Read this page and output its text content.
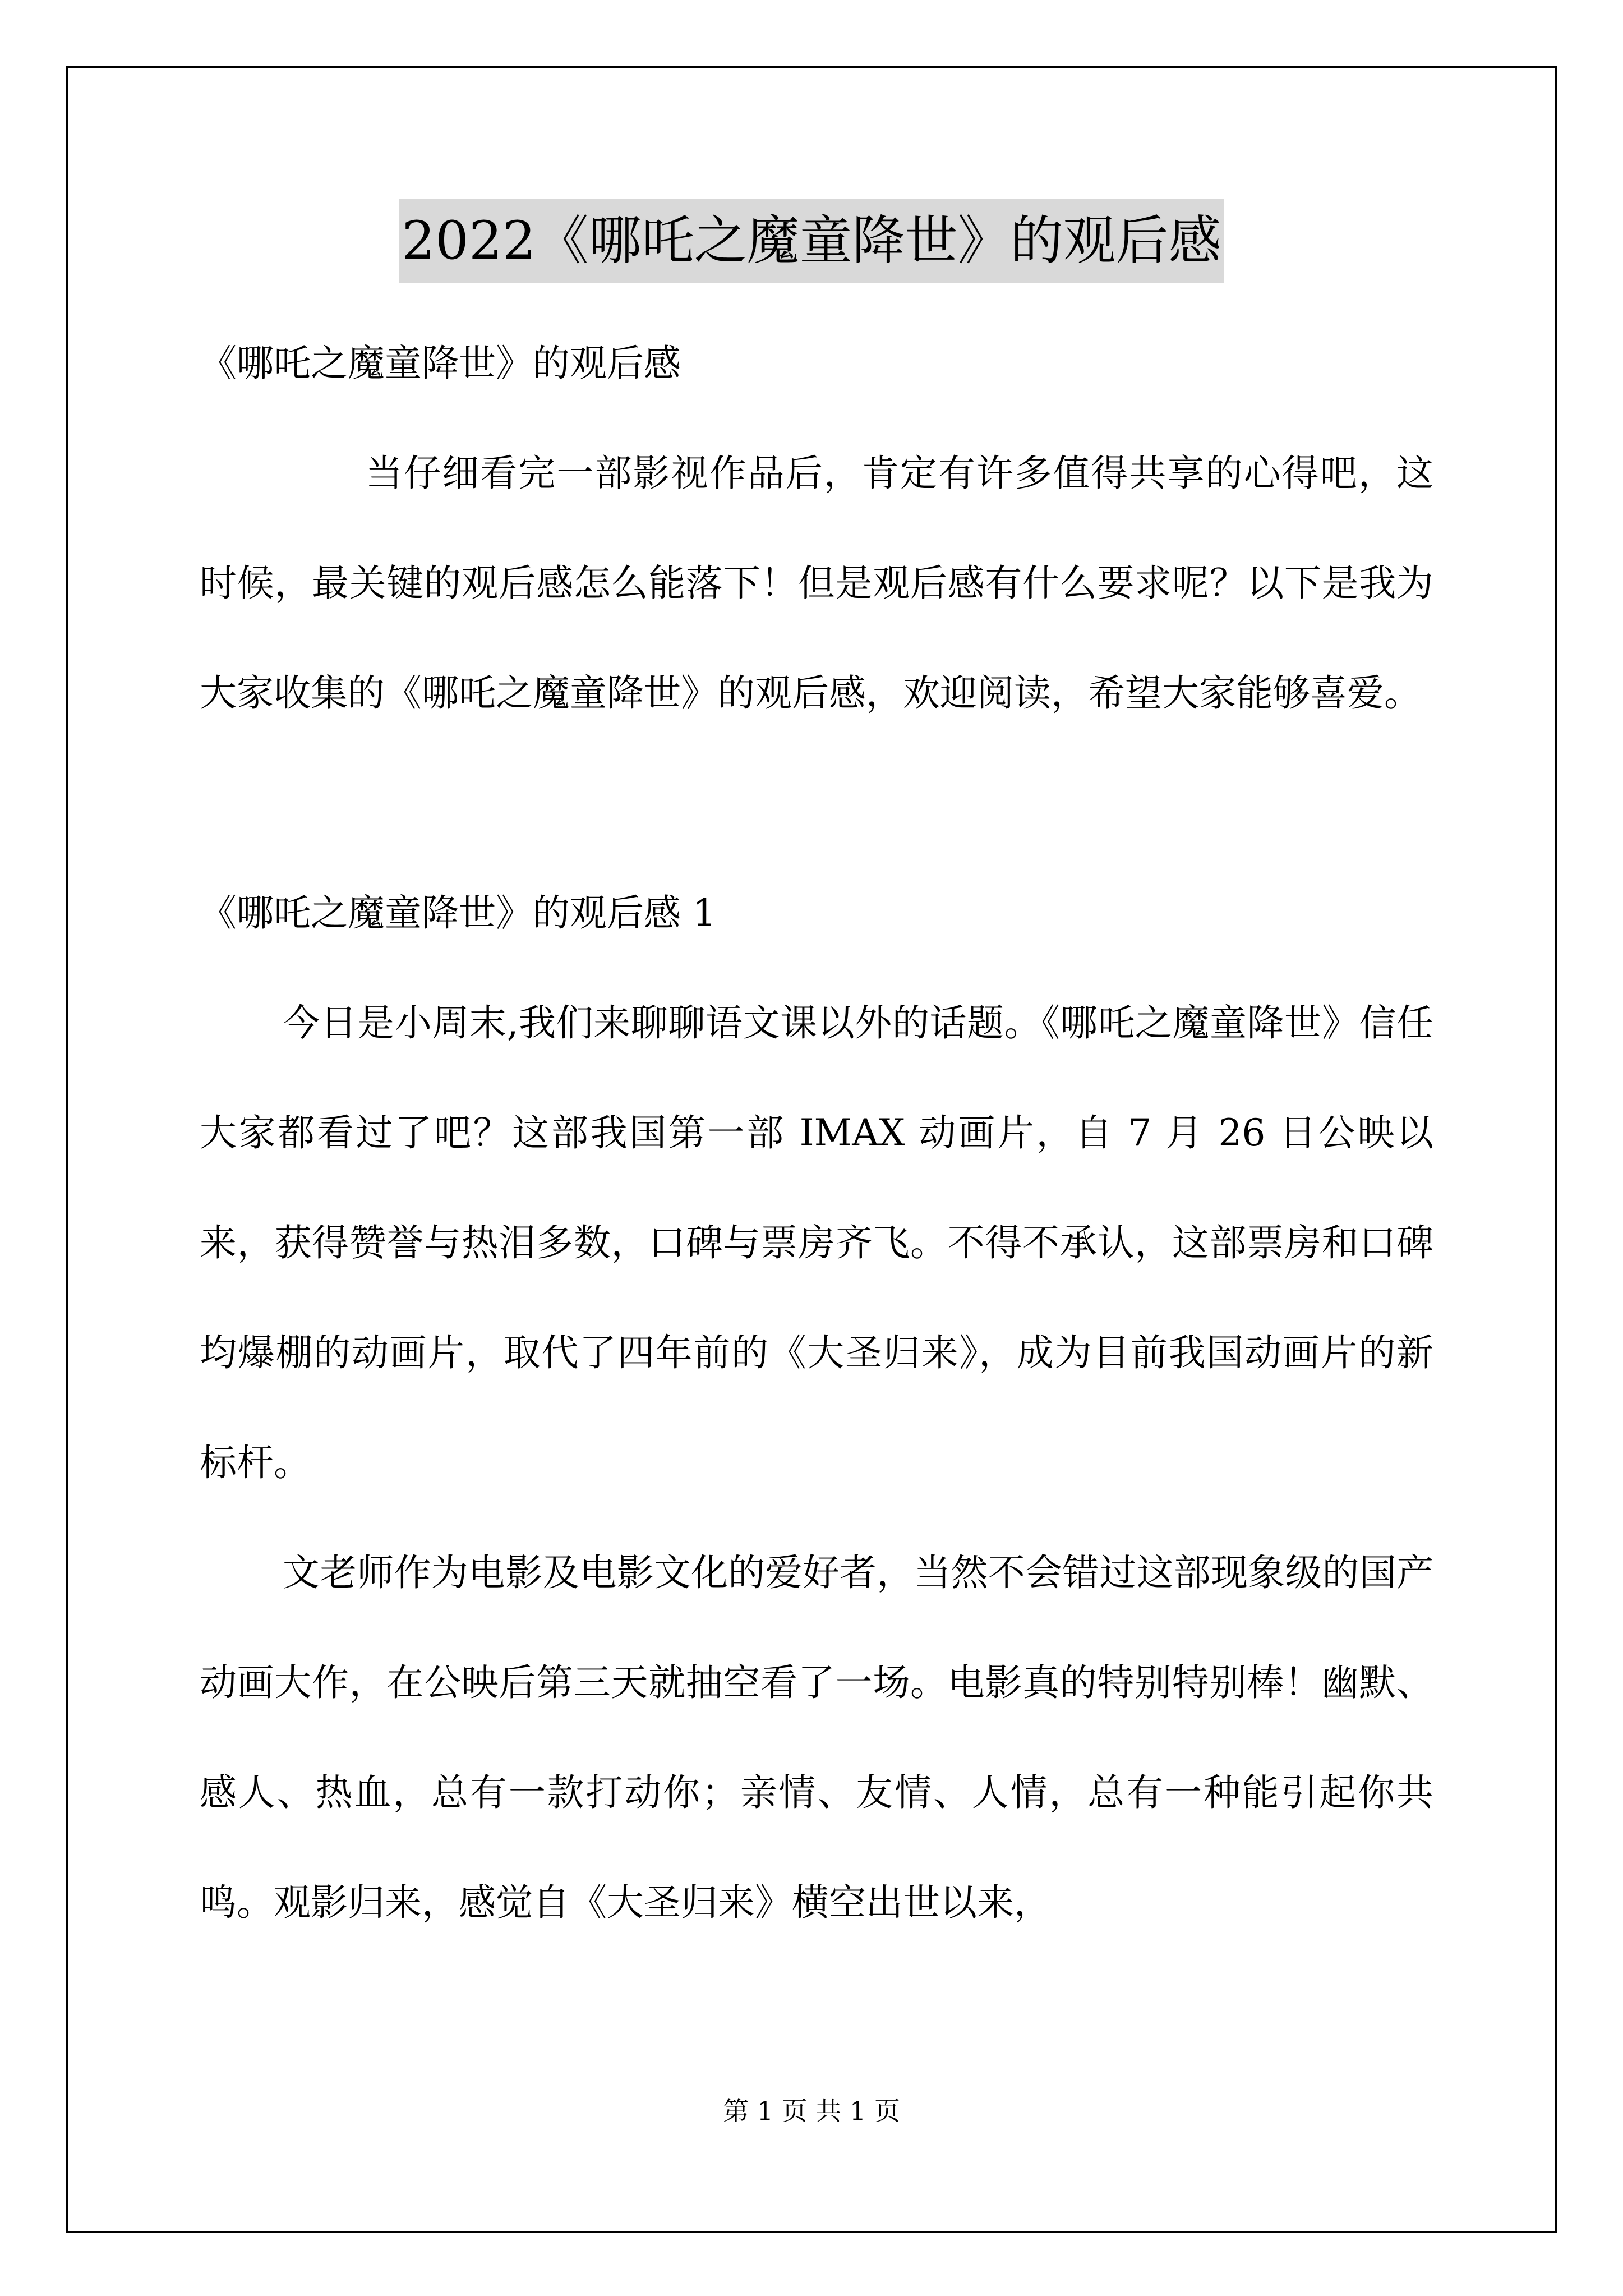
2022《哪吒之魔童降世》的观后感

《哪吒之魔童降世》的观后感

当仔细看完一部影视作品后，肯定有许多值得共享的心得吧，这时候，最关键的观后感怎么能落下！但是观后感有什么要求呢？以下是我为大家收集的《哪吒之魔童降世》的观后感，欢迎阅读，希望大家能够喜爱。

《哪吒之魔童降世》的观后感 1

今日是小周末,我们来聊聊语文课以外的话题。《哪吒之魔童降世》信任大家都看过了吧？这部我国第一部 IMAX 动画片，自 7 月 26 日公映以来，获得赞誉与热泪多数，口碑与票房齐飞。不得不承认，这部票房和口碑均爆棚的动画片，取代了四年前的《大圣归来》，成为目前我国动画片的新标杆。

文老师作为电影及电影文化的爱好者，当然不会错过这部现象级的国产动画大作，在公映后第三天就抽空看了一场。电影真的特别特别棒！幽默、感人、热血，总有一款打动你；亲情、友情、人情，总有一种能引起你共鸣。观影归来，感觉自《大圣归来》横空出世以来，

第 1 页 共 1 页
